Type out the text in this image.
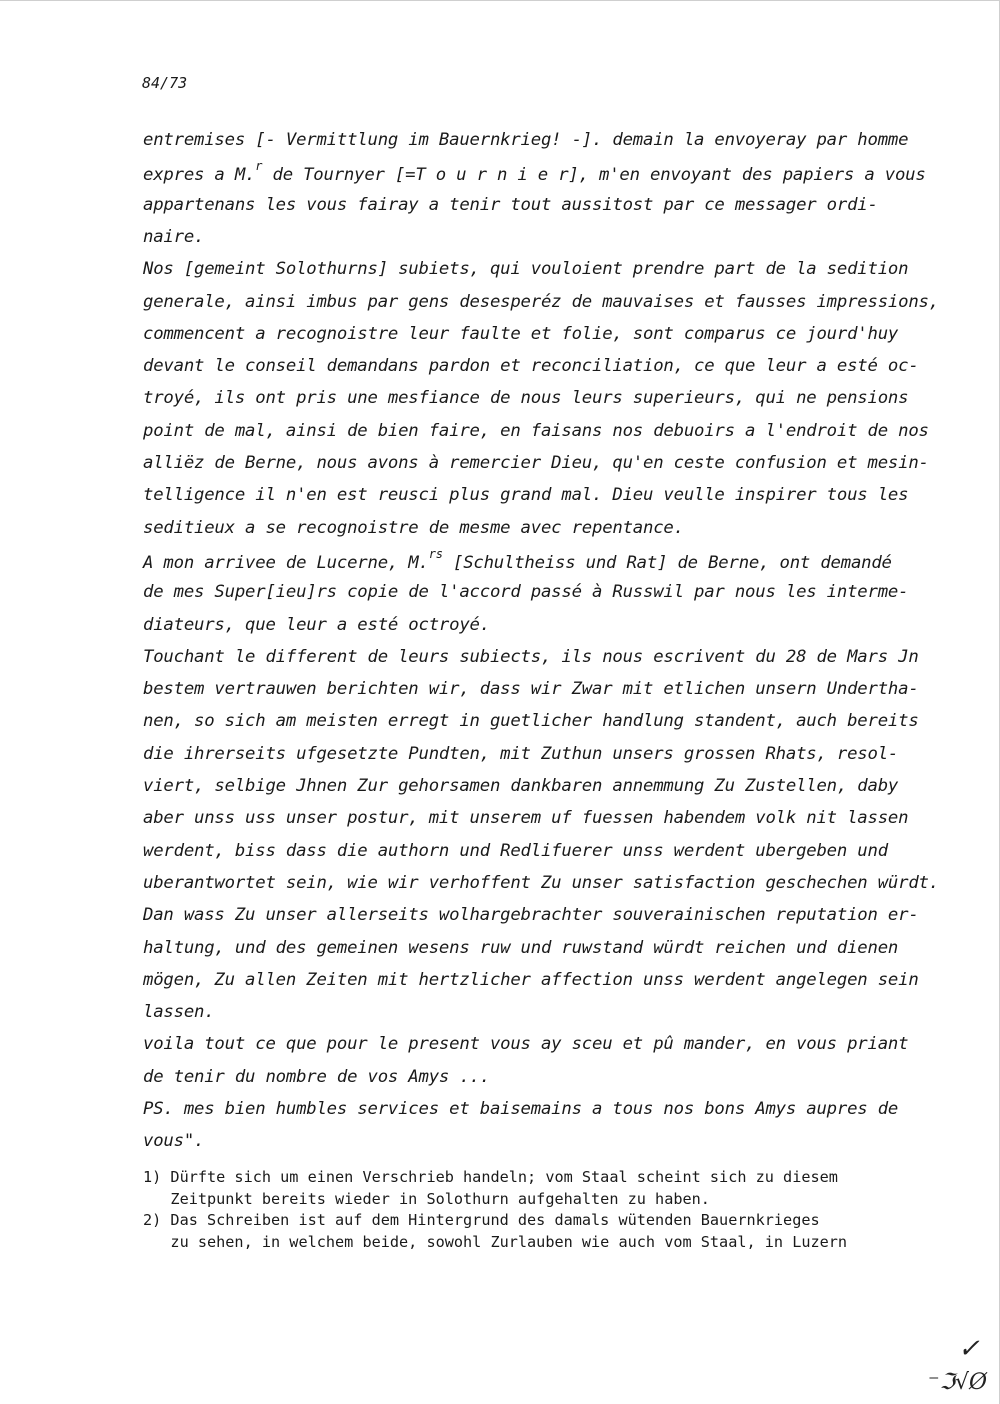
84/73
entremises [- Vermittlung im Bauernkrieg! -]. demain la envoyeray par homme
expres a M.$^r$ de Tournyer [=T o u r n i e r], m'en envoyant des papiers a vous
appartenans les vous fairay a tenir tout aussitost par ce messager ordi-
naire.
Nos [gemeint Solothurns] subiets, qui vouloient prendre part de la sedition
generale, ainsi imbus par gens desesperéz de mauvaises et fausses impressions,
commencent a recognoistre leur faulte et folie, sont comparus ce jourd'huy
devant le conseil demandans pardon et reconciliation, ce que leur a esté oc-
troyé, ils ont pris une mesfiance de nous leurs superieurs, qui ne pensions
point de mal, ainsi de bien faire, en faisans nos debuoirs a l'endroit de nos
alliëz de Berne, nous avons à remercier Dieu, qu'en ceste confusion et mesin-
telligence il n'en est reusci plus grand mal. Dieu veulle inspirer tous les
seditieux a se recognoistre de mesme avec repentance.
A mon arrivee de Lucerne, M.$^{rs}$ [Schultheiss und Rat] de Berne, ont demandé
de mes Super[ieu]rs copie de l'accord passé à Russwil par nous les interme-
diateurs, que leur a esté octroyé.
Touchant le different de leurs subiects, ils nous escrivent du 28 de Mars Jn
bestem vertrauwen berichten wir, dass wir Zwar mit etlichen unsern Undertha-
nen, so sich am meisten erregt in guetlicher handlung standent, auch bereits
die ihrerseits ufgesetzte Pundten, mit Zuthun unsers grossen Rhats, resol-
viert, selbige Jhnen Zur gehorsamen dankbaren annemmung Zu Zustellen, daby
aber unss uss unser postur, mit unserem uf fuessen habendem volk nit lassen
werdent, biss dass die authorn und Redlifuerer unss werdent ubergeben und
uberantwortet sein, wie wir verhoffent Zu unser satisfaction geschechen würdt.
Dan wass Zu unser allerseits wolhargebrachter souverainischen reputation er-
haltung, und des gemeinen wesens ruw und ruwstand würdt reichen und dienen
mögen, Zu allen Zeiten mit hertzlicher affection unss werdent angelegen sein
lassen.
voila tout ce que pour le present vous ay sceu et pû mander, en vous priant
de tenir du nombre de vos Amys ...
PS. mes bien humbles services et baisemains a tous nos bons Amys aupres de
vous".
1) Dürfte sich um einen Verschrieb handeln; vom Staal scheint sich zu diesem
Zeitpunkt bereits wieder in Solothurn aufgehalten zu haben.
2) Das Schreiben ist auf dem Hintergrund des damals wütenden Bauernkrieges
zu sehen, in welchem beide, sowohl Zurlauben wie auch vom Staal, in Luzern
✓
⁻ℑ√Ø
